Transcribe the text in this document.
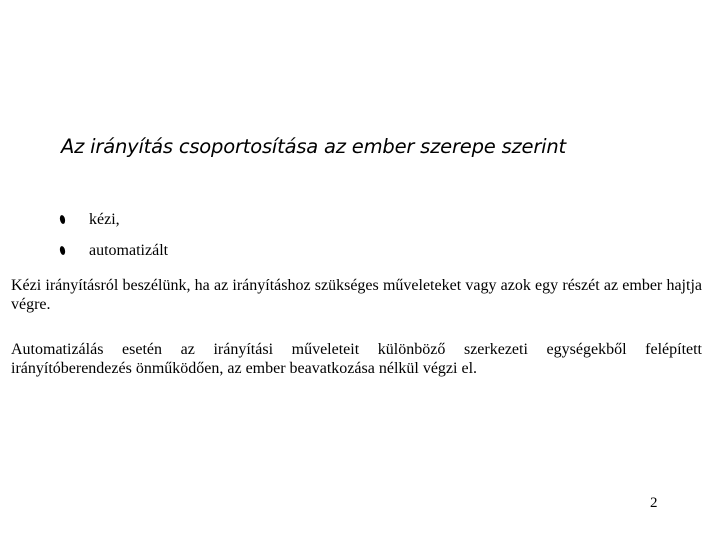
Az irányítás csoportosítása az ember szerepe szerint
kézi,
automatizált

Kézi irányításról beszélünk, ha az irányításhoz szükséges műveleteket vagy azok egy részét az ember hajtja végre.

Automatizálás esetén az irányítási műveleteit különböző szerkezeti egységekből felépített irányítóberendezés önműködően, az ember beavatkozása nélkül végzi el.

2
